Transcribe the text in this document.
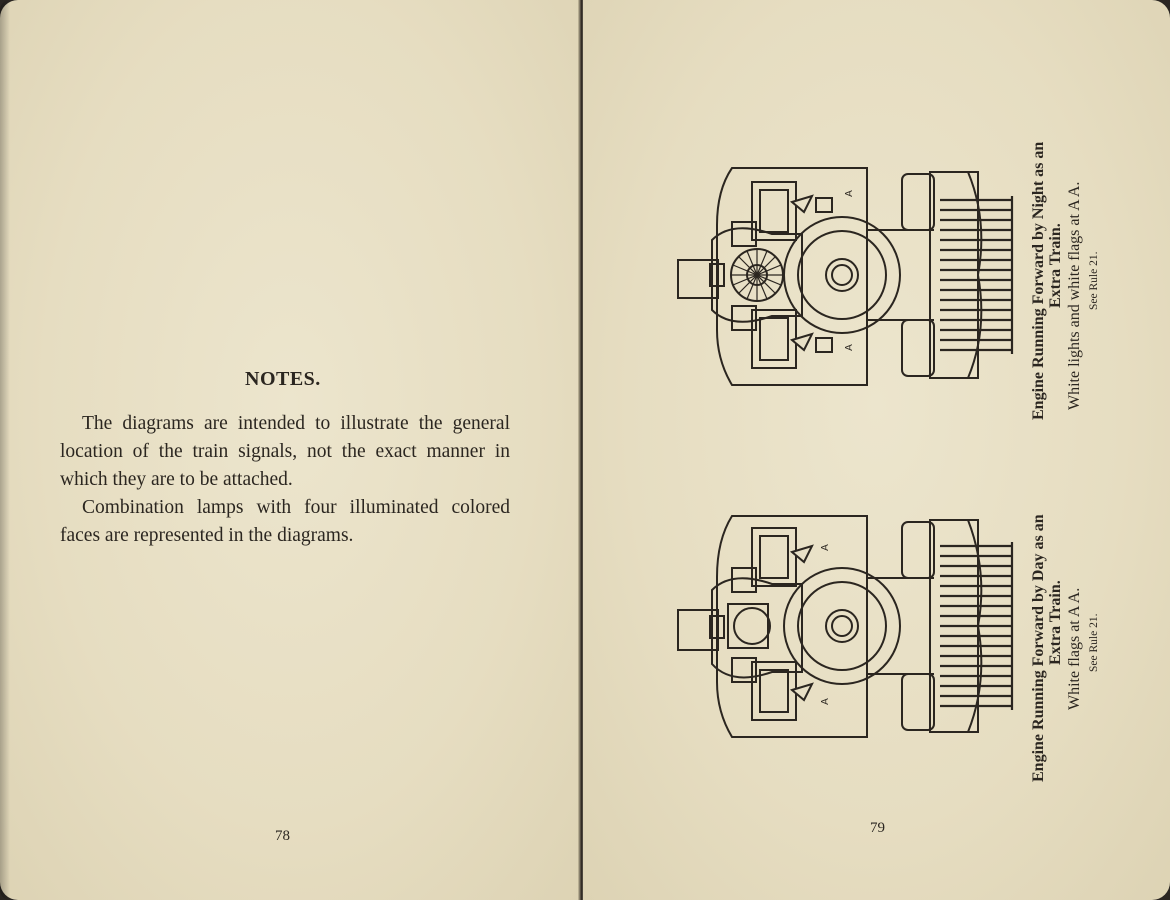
NOTES.

The diagrams are intended to illustrate the general location of the train signals, not the exact manner in which they are to be attached.

Combination lamps with four illuminated colored faces are represented in the diagrams.

78
A
A
A
A
Engine Running Forward by Night as an Extra Train. White lights and white flags at A A. See Rule 21.
Engine Running Forward by Day as an Extra Train. White flags at A A. See Rule 21.
79
